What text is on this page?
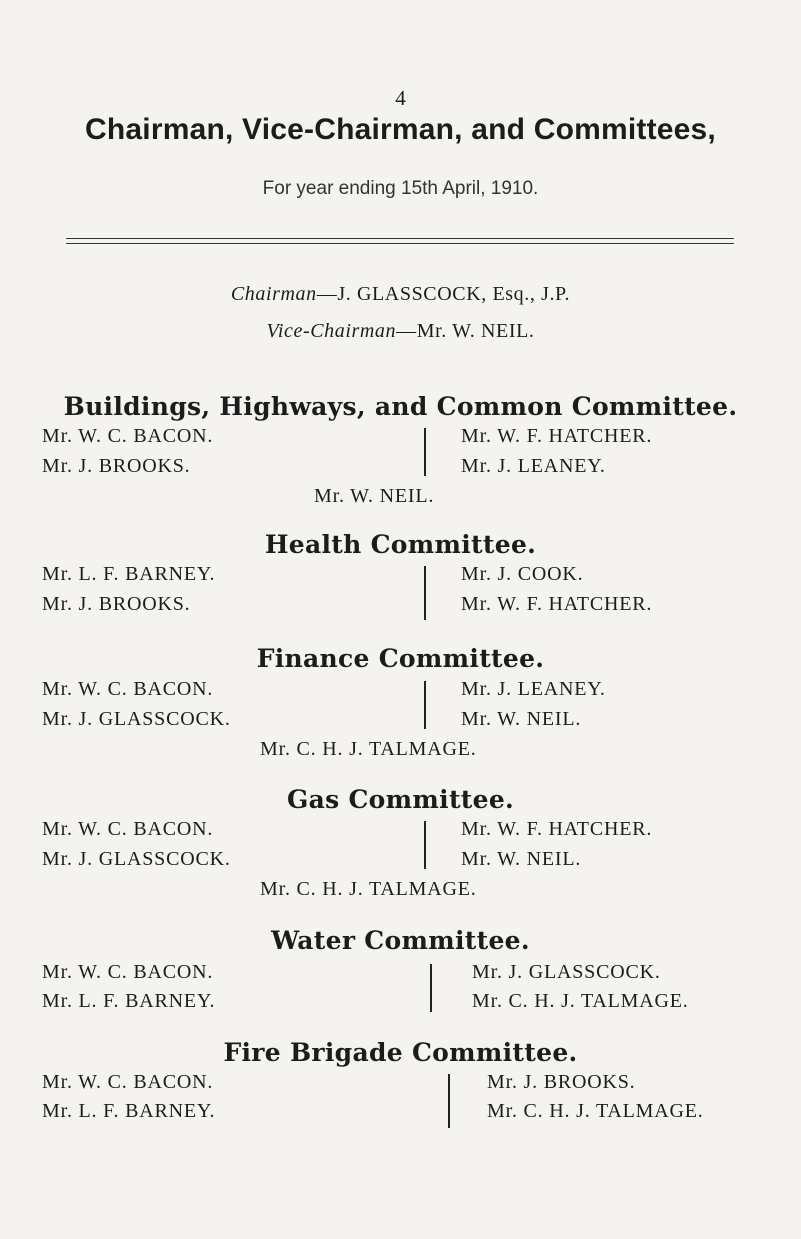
4
Chairman, Vice-Chairman, and Committees,
For year ending 15th April, 1910.
Chairman—J. GLASSCOCK, Esq., J.P.
Vice-Chairman—Mr. W. NEIL.
Buildings, Highways, and Common Committee.
Mr. W. C. BACON.
Mr. J. BROOKS.
Mr. W. F. HATCHER.
Mr. J. LEANEY.
Mr. W. NEIL.
Health Committee.
Mr. L. F. BARNEY.
Mr. J. BROOKS.
Mr. J. COOK.
Mr. W. F. HATCHER.
Finance Committee.
Mr. W. C. BACON.
Mr. J. GLASSCOCK.
Mr. J. LEANEY.
Mr. W. NEIL.
Mr. C. H. J. TALMAGE.
Gas Committee.
Mr. W. C. BACON.
Mr. J. GLASSCOCK.
Mr. W. F. HATCHER.
Mr. W. NEIL.
Mr. C. H. J. TALMAGE.
Water Committee.
Mr. W. C. BACON.
Mr. L. F. BARNEY.
Mr. J. GLASSCOCK.
Mr. C. H. J. TALMAGE.
Fire Brigade Committee.
Mr. W. C. BACON.
Mr. L. F. BARNEY.
Mr. J. BROOKS.
Mr. C. H. J. TALMAGE.
